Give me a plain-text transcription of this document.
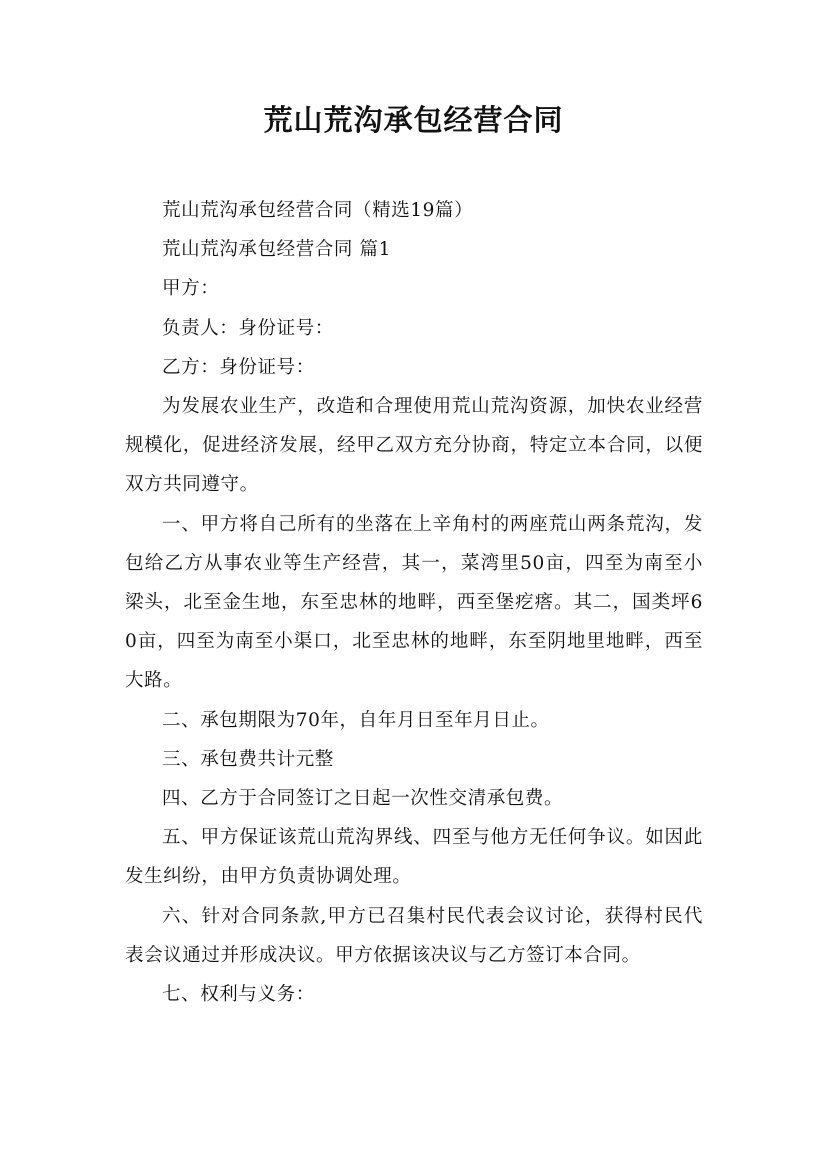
荒山荒沟承包经营合同

荒山荒沟承包经营合同（精选19篇）

荒山荒沟承包经营合同 篇1

甲方：

负责人：身份证号：

乙方：身份证号：

为发展农业生产，改造和合理使用荒山荒沟资源，加快农业经营规模化，促进经济发展，经甲乙双方充分协商，特定立本合同，以便双方共同遵守。

一、甲方将自己所有的坐落在上辛角村的两座荒山两条荒沟，发包给乙方从事农业等生产经营，其一，菜湾里50亩，四至为南至小梁头，北至金生地，东至忠林的地畔，西至堡疙瘩。其二，国类坪60亩，四至为南至小渠口，北至忠林的地畔，东至阴地里地畔，西至大路。

二、承包期限为70年，自年月日至年月日止。

三、承包费共计元整

四、乙方于合同签订之日起一次性交清承包费。

五、甲方保证该荒山荒沟界线、四至与他方无任何争议。如因此发生纠纷，由甲方负责协调处理。

六、针对合同条款,甲方已召集村民代表会议讨论，获得村民代表会议通过并形成决议。甲方依据该决议与乙方签订本合同。

七、权利与义务：
